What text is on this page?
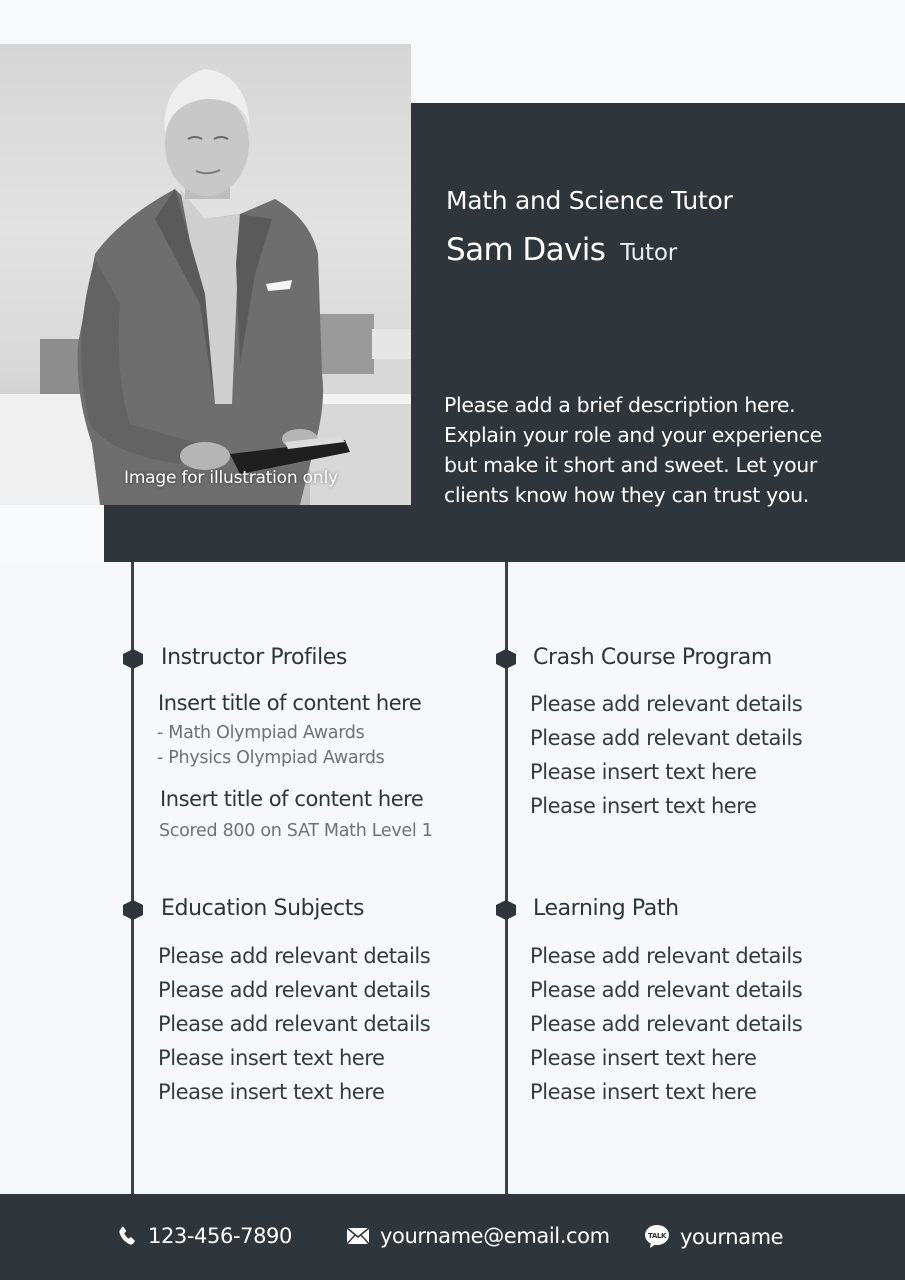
Image for illustration only
Math and Science Tutor
Sam Davis Tutor
Please add a brief description here.
Explain your role and your experience
but make it short and sweet. Let your
clients know how they can trust you.
Instructor Profiles
Insert title of content here
- Math Olympiad Awards
- Physics Olympiad Awards
Insert title of content here
Scored 800 on SAT Math Level 1
Crash Course Program
Please add relevant details
Please add relevant details
Please insert text here
Please insert text here
Education Subjects
Please add relevant details
Please add relevant details
Please add relevant details
Please insert text here
Please insert text here
Learning Path
Please add relevant details
Please add relevant details
Please add relevant details
Please insert text here
Please insert text here
123-456-7890	yourname@email.com	TALK yourname
